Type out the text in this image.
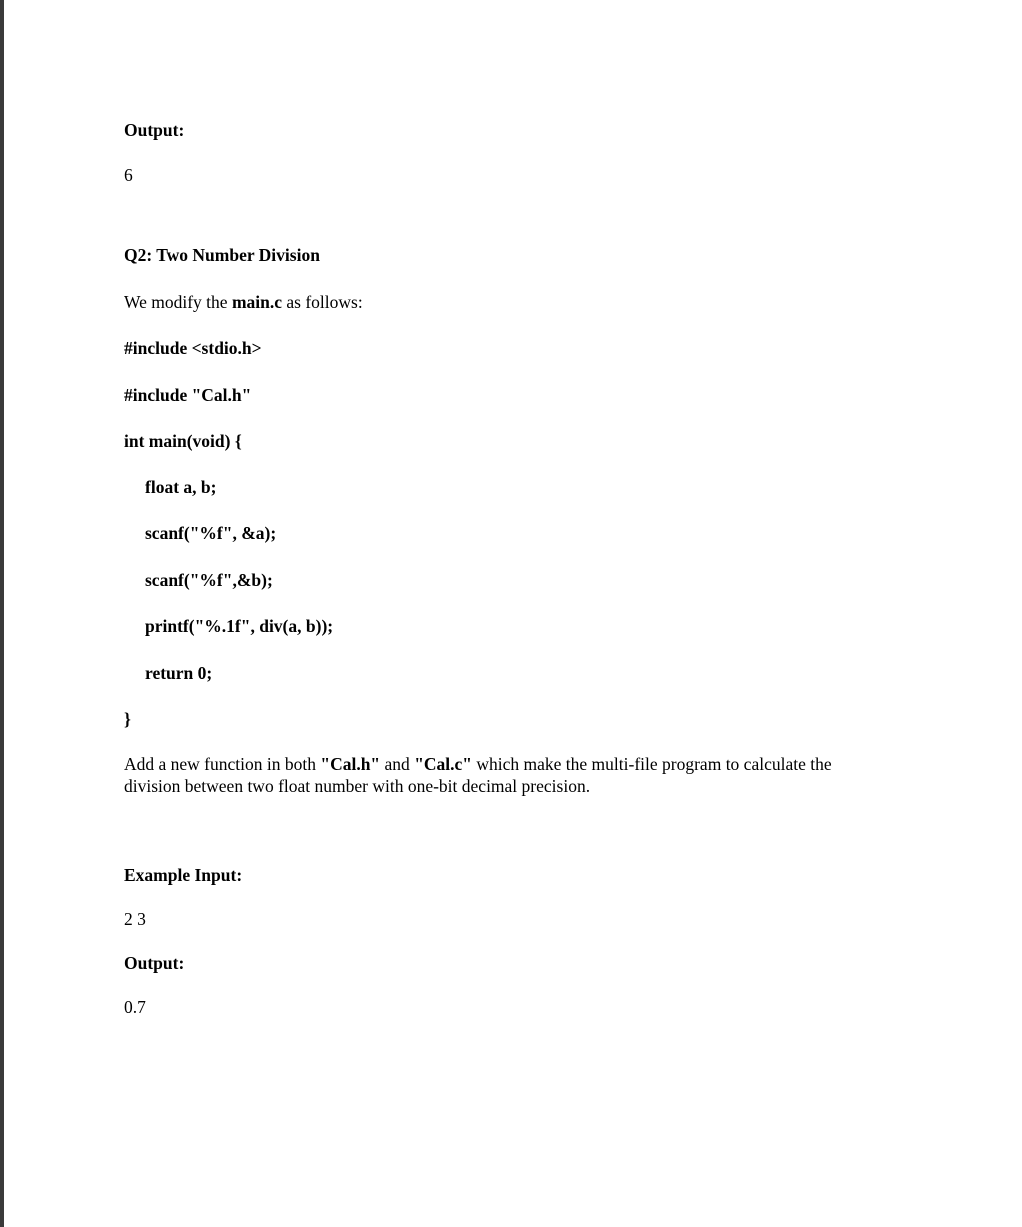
Output:
6
Q2: Two Number Division
We modify the main.c as follows:
#include <stdio.h>
#include "Cal.h"
int main(void) {
float a, b;
scanf("%f", &a);
scanf("%f",&b);
printf("%.1f", div(a, b));
return 0;
}
Add a new function in both "Cal.h" and "Cal.c" which make the multi-file program to calculate the division between two float number with one-bit decimal precision.
Example Input:
2 3
Output:
0.7
